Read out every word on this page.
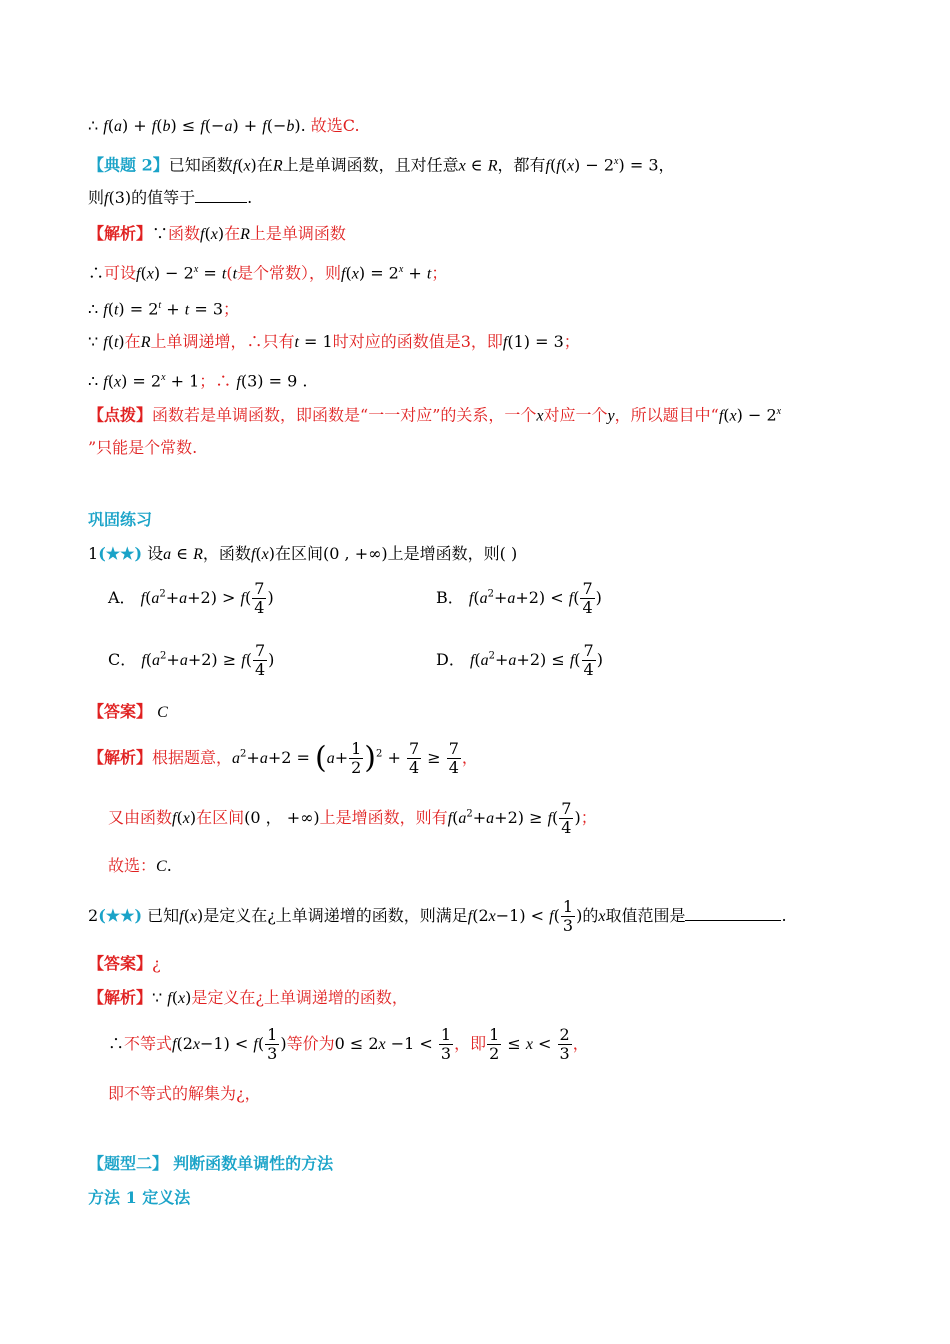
∴ f(a) + f(b) ≤ f(−a) + f(−b). 故选C.
【典题 2】已知函数f(x)在R上是单调函数，且对任意x ∈ R，都有$f(f(x) - 2^x) = 3$，
则f(3)的值等于	.
【解析】∵函数f(x)在R上是单调函数
∴可设$f(x) - 2^x = t(t$是个常数），则$f(x) = 2^x + t$；
∴ $f(t) = 2^t + t = 3$；
∵ f(t)在R上单调递增，∴只有t = 1时对应的函数值是3，即f(1) = 3；
∴ $f(x) = 2^x + 1$；∴ f(3) = 9 .
【点拨】函数若是单调函数，即函数是“一一对应”的关系，一个x对应一个y，所以题目中“$f(x) - 2^x$
”只能是个常数.
巩固练习
1(★★) 设a ∈ R，函数f(x)在区间(0 , +∞)上是增函数，则( )
A． $f(a^2+a+2) > f( \frac{7}{4}$ )	B． $f(a^2+a+2) < f( \frac{7}{4}$ )
C． $f(a^2+a+2) \ge f( \frac{7}{4}$ )	D． $f(a^2+a+2) \le f( \frac{7}{4}$ )
【答案】 C
【解析】根据题意，$a^2+a+2 = (a+ \frac{1}{2} )^2 + \frac{7}{4} \ge \frac{7}{4}$ ，
又由函数f(x)在区间(0 ， +∞)上是增函数，则有$f(a^2+a+2) \ge f( \frac{7}{4}$ )；
故选：C.
2(★★) 已知f(x)是定义在¿上单调递增的函数，则满足$f(2x-1) < f( \frac{1}{3}$ )的x取值范围是	.
【答案】¿
【解析】∵ f(x)是定义在¿上单调递增的函数，
∴不等式$f(2x-1) < f( \frac{1}{3}$ )等价为$0 \le 2x -1 < \frac{1}{3}$ ，即 $\frac{1}{2} \le x < \frac{2}{3}$ ，
即不等式的解集为¿，
【题型二】 判断函数单调性的方法
方法 1 定义法
